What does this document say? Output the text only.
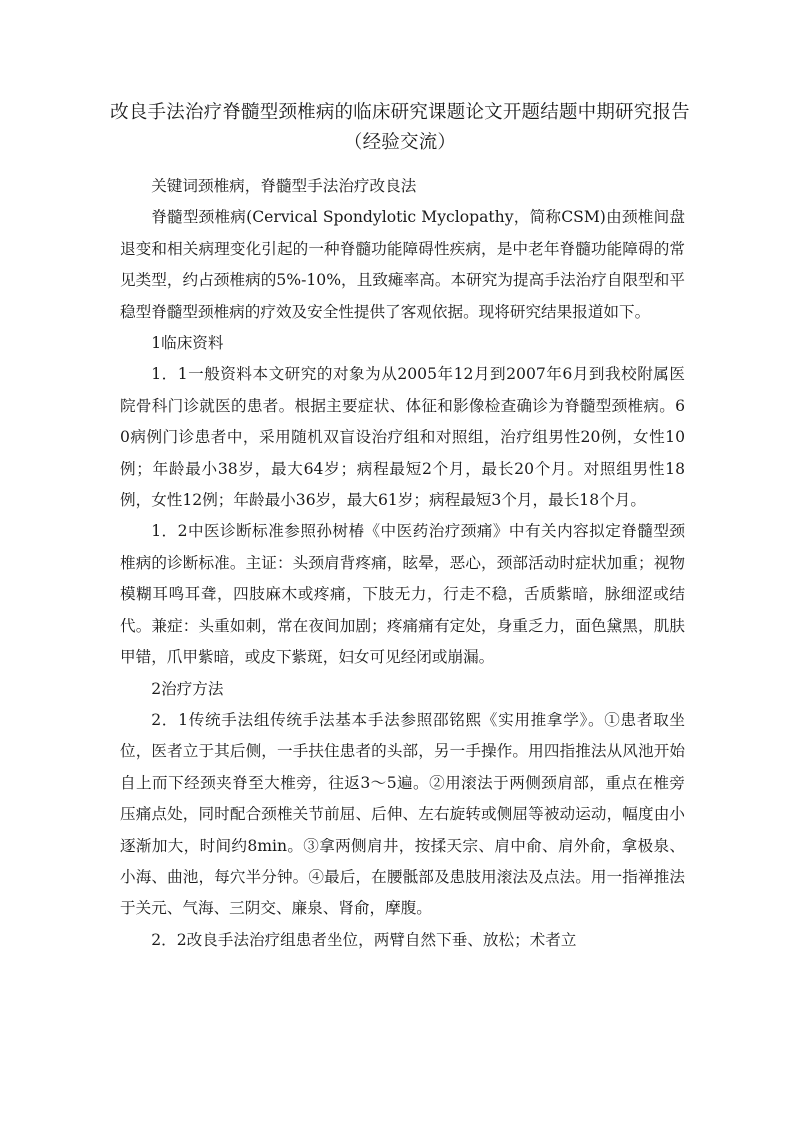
改良手法治疗脊髓型颈椎病的临床研究课题论文开题结题中期研究报告（经验交流）

关键词颈椎病，脊髓型手法治疗改良法

脊髓型颈椎病(Cervical Spondylotic Myclopathy，简称CSM)由颈椎间盘退变和相关病理变化引起的一种脊髓功能障碍性疾病，是中老年脊髓功能障碍的常见类型，约占颈椎病的5%-10%，且致瘫率高。本研究为提高手法治疗自限型和平稳型脊髓型颈椎病的疗效及安全性提供了客观依据。现将研究结果报道如下。

1临床资料

1．1一般资料本文研究的对象为从2005年12月到2007年6月到我校附属医院骨科门诊就医的患者。根据主要症状、体征和影像检查确诊为脊髓型颈椎病。60病例门诊患者中，采用随机双盲设治疗组和对照组，治疗组男性20例，女性10例；年龄最小38岁，最大64岁；病程最短2个月，最长20个月。对照组男性18例，女性12例；年龄最小36岁，最大61岁；病程最短3个月，最长18个月。

1．2中医诊断标准参照孙树椿《中医药治疗颈痛》中有关内容拟定脊髓型颈椎病的诊断标准。主证：头颈肩背疼痛，眩晕，恶心，颈部活动时症状加重；视物模糊耳鸣耳聋，四肢麻木或疼痛，下肢无力，行走不稳，舌质紫暗，脉细涩或结代。兼症：头重如刺，常在夜间加剧；疼痛痛有定处，身重乏力，面色黛黑，肌肤甲错，爪甲紫暗，或皮下紫斑，妇女可见经闭或崩漏。

2治疗方法

2．1传统手法组传统手法基本手法参照邵铭熙《实用推拿学》。①患者取坐位，医者立于其后侧，一手扶住患者的头部，另一手操作。用四指推法从风池开始自上而下经颈夹脊至大椎旁，往返3～5遍。②用滚法于两侧颈肩部，重点在椎旁压痛点处，同时配合颈椎关节前屈、后伸、左右旋转或侧屈等被动运动，幅度由小逐渐加大，时间约8min。③拿两侧肩井，按揉天宗、肩中俞、肩外俞，拿极泉、小海、曲池，每穴半分钟。④最后，在腰骶部及患肢用滚法及点法。用一指禅推法于关元、气海、三阴交、廉泉、肾俞，摩腹。

2．2改良手法治疗组患者坐位，两臂自然下垂、放松；术者立
